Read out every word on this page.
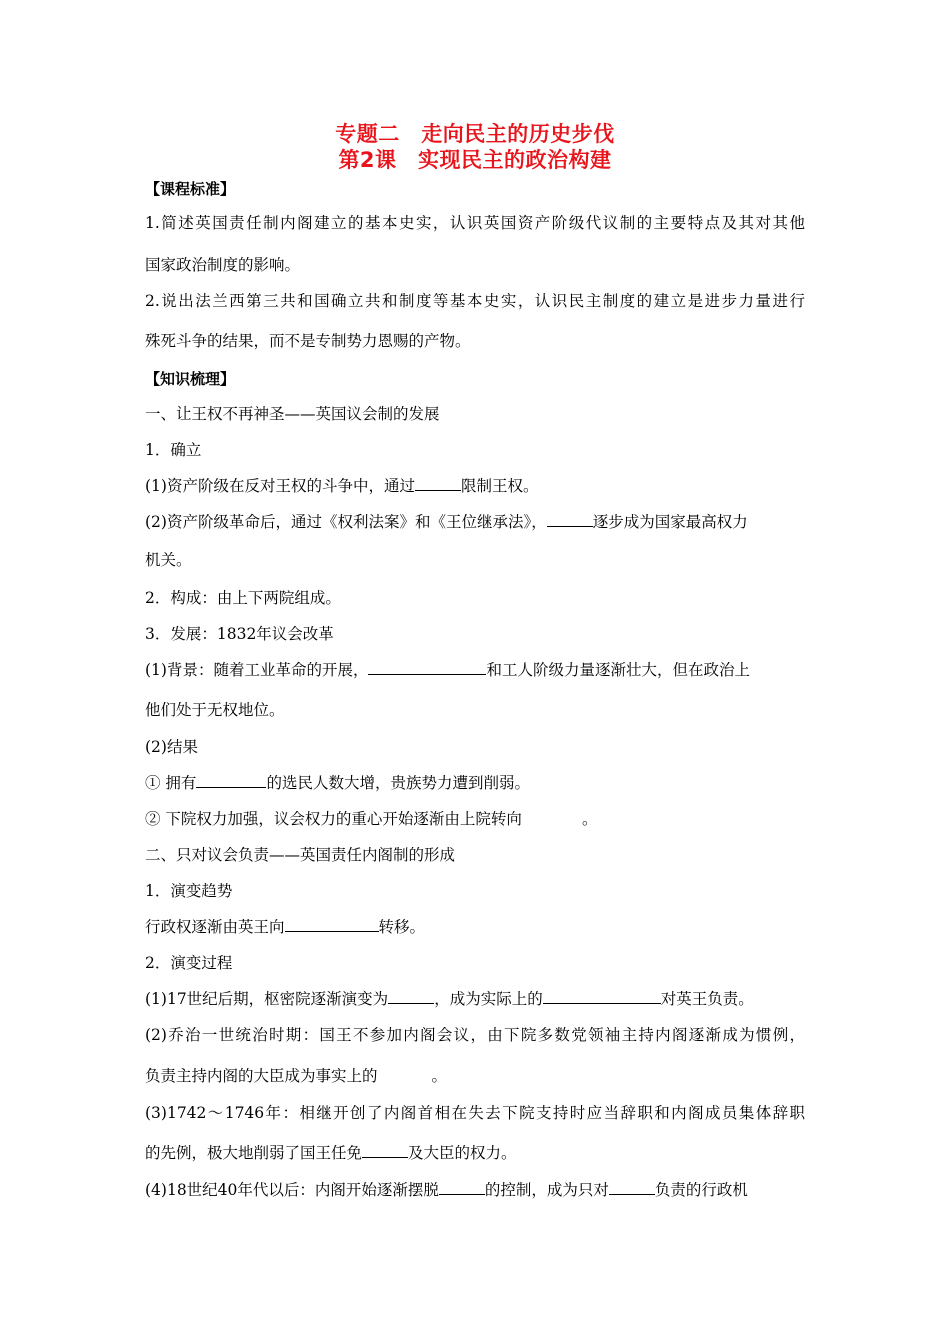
专题二　走向民主的历史步伐
第2课　实现民主的政治构建
【课程标准】
1.简述英国责任制内阁建立的基本史实，认识英国资产阶级代议制的主要特点及其对其他
国家政治制度的影响。
2.说出法兰西第三共和国确立共和制度等基本史实，认识民主制度的建立是进步力量进行
殊死斗争的结果，而不是专制势力恩赐的产物。
【知识梳理】
一、让王权不再神圣——英国议会制的发展
1．确立
(1)资产阶级在反对王权的斗争中，通过	限制王权。
(2)资产阶级革命后，通过《权利法案》和《王位继承法》，	逐步成为国家最高权力
机关。
2．构成：由上下两院组成。
3．发展：1832年议会改革
(1)背景：随着工业革命的开展，	和工人阶级力量逐渐壮大，但在政治上
他们处于无权地位。
(2)结果
① 拥有	的选民人数大增，贵族势力遭到削弱。
② 下院权力加强，议会权力的重心开始逐渐由上院转向	。
二、只对议会负责——英国责任内阁制的形成
1．演变趋势
行政权逐渐由英王向	转移。
2．演变过程
(1)17世纪后期，枢密院逐渐演变为	，成为实际上的	对英王负责。
(2)乔治一世统治时期：国王不参加内阁会议，由下院多数党领袖主持内阁逐渐成为惯例，
负责主持内阁的大臣成为事实上的	。
(3)1742～1746年：相继开创了内阁首相在失去下院支持时应当辞职和内阁成员集体辞职
的先例，极大地削弱了国王任免	及大臣的权力。
(4)18世纪40年代以后：内阁开始逐渐摆脱	的控制，成为只对	负责的行政机
